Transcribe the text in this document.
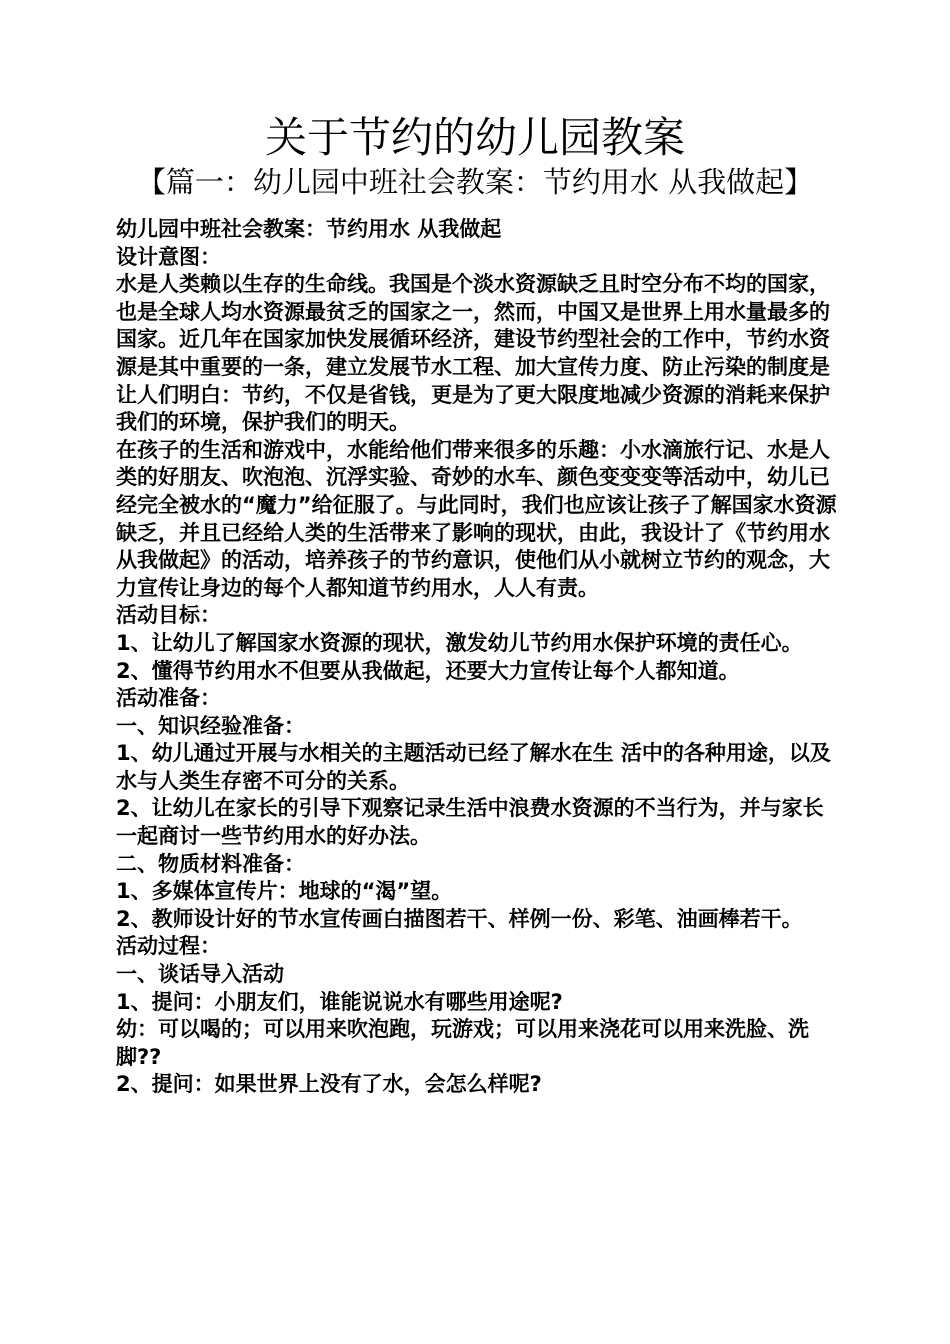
关于节约的幼儿园教案
【篇一：幼儿园中班社会教案：节约用水 从我做起】

幼儿园中班社会教案：节约用水 从我做起

设计意图：

水是人类赖以生存的生命线。我国是个淡水资源缺乏且时空分布不均的国家，也是全球人均水资源最贫乏的国家之一，然而，中国又是世界上用水量最多的国家。近几年在国家加快发展循环经济，建设节约型社会的工作中，节约水资源是其中重要的一条，建立发展节水工程、加大宣传力度、防止污染的制度是让人们明白：节约，不仅是省钱，更是为了更大限度地减少资源的消耗来保护我们的环境，保护我们的明天。

在孩子的生活和游戏中，水能给他们带来很多的乐趣：小水滴旅行记、水是人类的好朋友、吹泡泡、沉浮实验、奇妙的水车、颜色变变变等活动中，幼儿已经完全被水的“魔力”给征服了。与此同时，我们也应该让孩子了解国家水资源缺乏，并且已经给人类的生活带来了影响的现状，由此，我设计了《节约用水从我做起》的活动，培养孩子的节约意识，使他们从小就树立节约的观念，大力宣传让身边的每个人都知道节约用水，人人有责。

活动目标：

1、让幼儿了解国家水资源的现状，激发幼儿节约用水保护环境的责任心。

2、懂得节约用水不但要从我做起，还要大力宣传让每个人都知道。

活动准备：

一、知识经验准备：

1、幼儿通过开展与水相关的主题活动已经了解水在生 活中的各种用途，以及水与人类生存密不可分的关系。

2、让幼儿在家长的引导下观察记录生活中浪费水资源的不当行为，并与家长一起商讨一些节约用水的好办法。

二、物质材料准备：

1、多媒体宣传片：地球的“渴”望。

2、教师设计好的节水宣传画白描图若干、样例一份、彩笔、油画棒若干。

活动过程：

一、谈话导入活动

1、提问：小朋友们，谁能说说水有哪些用途呢?

幼：可以喝的；可以用来吹泡跑，玩游戏；可以用来浇花可以用来洗脸、洗脚??

2、提问：如果世界上没有了水，会怎么样呢?
